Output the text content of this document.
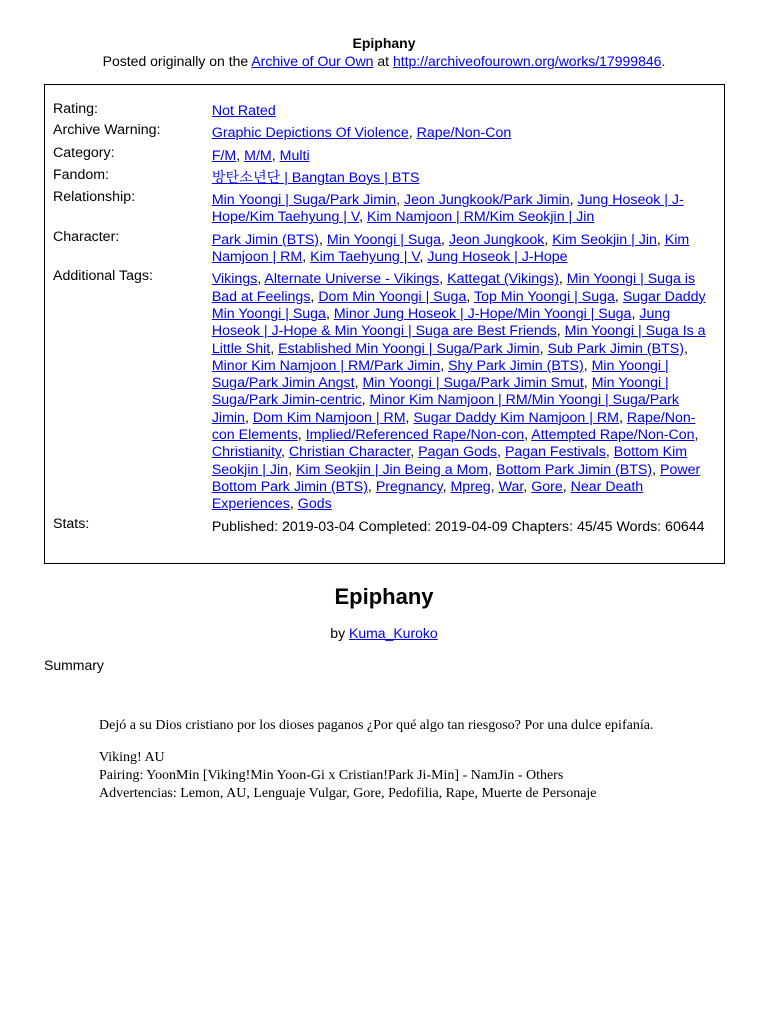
Epiphany
Posted originally on the Archive of Our Own at http://archiveofourown.org/works/17999846.
Rating:	Not Rated
Archive Warning:	Graphic Depictions Of Violence, Rape/Non-Con
Category:	F/M, M/M, Multi
Fandom:	방탄소년단 | Bangtan Boys | BTS
Relationship:	Min Yoongi | Suga/Park Jimin, Jeon Jungkook/Park Jimin, Jung Hoseok | J-Hope/Kim Taehyung | V, Kim Namjoon | RM/Kim Seokjin | Jin
Character:	Park Jimin (BTS), Min Yoongi | Suga, Jeon Jungkook, Kim Seokjin | Jin, Kim Namjoon | RM, Kim Taehyung | V, Jung Hoseok | J-Hope
Additional Tags:	Vikings, Alternate Universe - Vikings, Kattegat (Vikings), Min Yoongi | Suga is Bad at Feelings, Dom Min Yoongi | Suga, Top Min Yoongi | Suga, Sugar Daddy Min Yoongi | Suga, Minor Jung Hoseok | J-Hope/Min Yoongi | Suga, Jung Hoseok | J-Hope & Min Yoongi | Suga are Best Friends, Min Yoongi | Suga Is a Little Shit, Established Min Yoongi | Suga/Park Jimin, Sub Park Jimin (BTS), Minor Kim Namjoon | RM/Park Jimin, Shy Park Jimin (BTS), Min Yoongi | Suga/Park Jimin Angst, Min Yoongi | Suga/Park Jimin Smut, Min Yoongi | Suga/Park Jimin-centric, Minor Kim Namjoon | RM/Min Yoongi | Suga/Park Jimin, Dom Kim Namjoon | RM, Sugar Daddy Kim Namjoon | RM, Rape/Non-con Elements, Implied/Referenced Rape/Non-con, Attempted Rape/Non-Con, Christianity, Christian Character, Pagan Gods, Pagan Festivals, Bottom Kim Seokjin | Jin, Kim Seokjin | Jin Being a Mom, Bottom Park Jimin (BTS), Power Bottom Park Jimin (BTS), Pregnancy, Mpreg, War, Gore, Near Death Experiences, Gods
Stats:	Published: 2019-03-04 Completed: 2019-04-09 Chapters: 45/45 Words: 60644
Epiphany
by Kuma_Kuroko
Summary

Dejó a su Dios cristiano por los dioses paganos ¿Por qué algo tan riesgoso? Por una dulce epifanía.

Viking! AU
Pairing: YoonMin [Viking!Min Yoon-Gi x Cristian!Park Ji-Min] - NamJin - Others
Advertencias: Lemon, AU, Lenguaje Vulgar, Gore, Pedofilia, Rape, Muerte de Personaje
